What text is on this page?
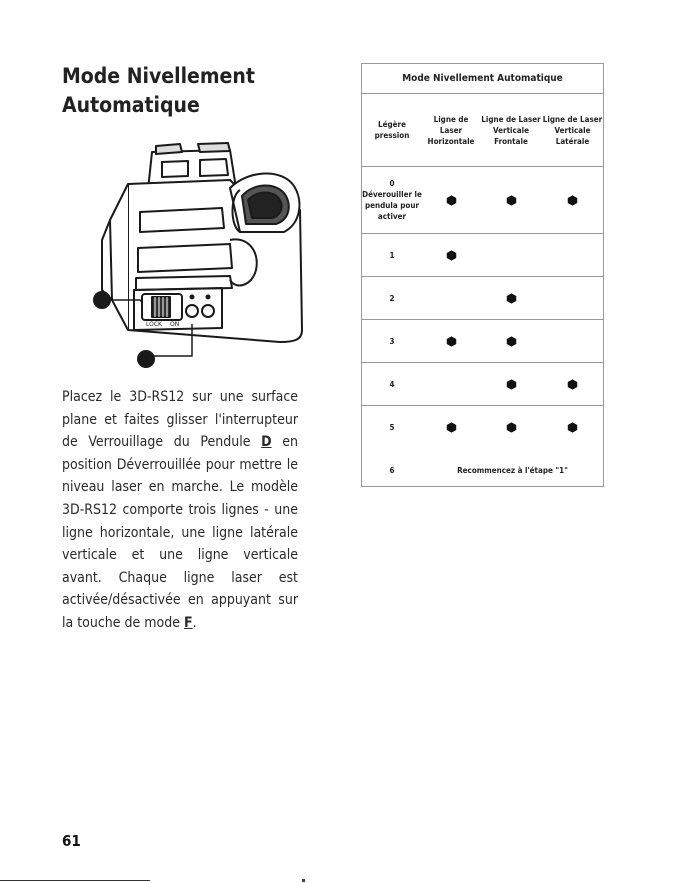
Mode Nivellement Automatique
LOCK ON
Placez le 3D-RS12 sur une surface plane et faites glisser l'interrupteur de Verrouillage du Pendule D en position Déverrouillée pour mettre le niveau laser en marche. Le modèle 3D-RS12 comporte trois lignes - une ligne horizontale, une ligne latérale verticale et une ligne verticale avant. Chaque ligne laser est activée/désactivée en appuyant sur la touche de mode F.
Mode Nivellement Automatique
Légère pression
Ligne de Laser Horizontale
Ligne de Laser Verticale Frontale
Ligne de Laser Verticale Latérale
0
Déverouiller le pendula pour activer
1
2
3
4
5
6	Recommencez à l'étape "1"
61
